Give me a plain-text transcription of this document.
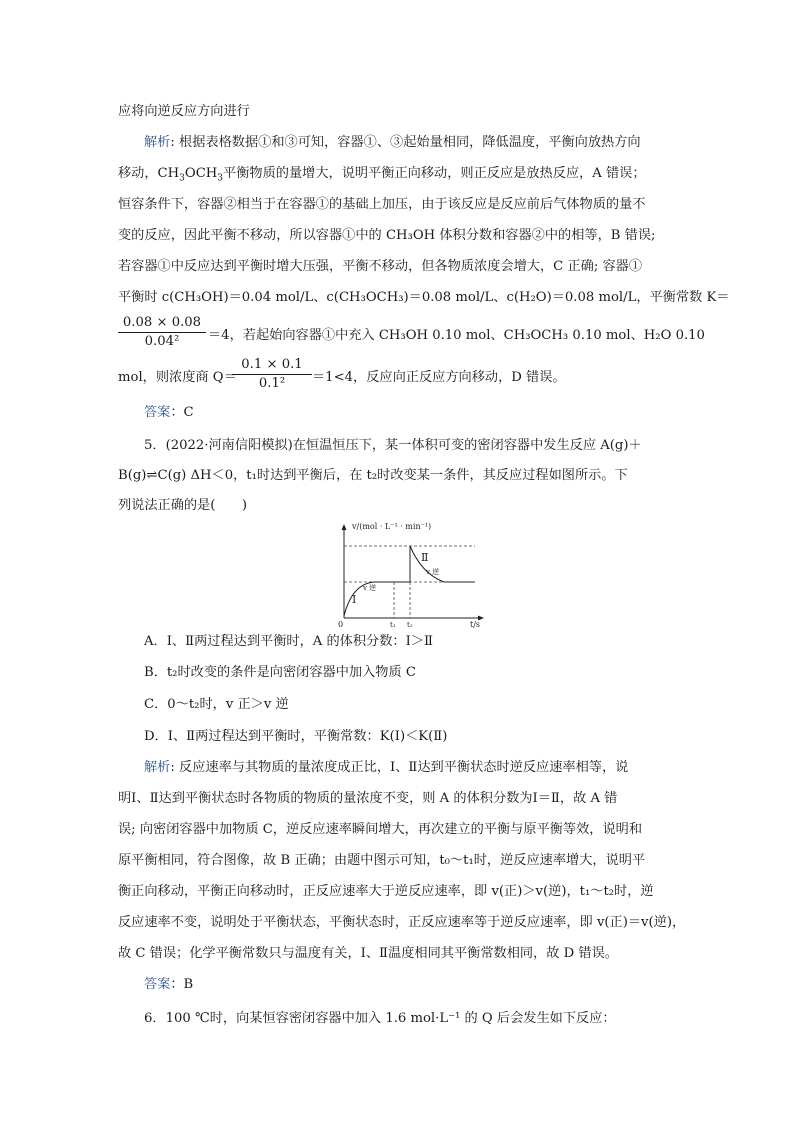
应将向逆反应方向进行
解析: 根据表格数据①和③可知，容器①、③起始量相同，降低温度，平衡向放热方向
移动，$CH_3OCH_3$平衡物质的量增大，说明平衡正向移动，则正反应是放热反应，A 错误；
恒容条件下，容器②相当于在容器①的基础上加压，由于该反应是反应前后气体物质的量不
变的反应，因此平衡不移动，所以容器①中的 CH₃OH 体积分数和容器②中的相等，B 错误;
若容器①中反应达到平衡时增大压强，平衡不移动，但各物质浓度会增大，C 正确; 容器①
平衡时 c(CH₃OH)＝0.04 mol/L、c(CH₃OCH₃)＝0.08 mol/L、c(H₂O)＝0.08 mol/L，平衡常数 K＝
$\frac{0.08 \times 0.08}{\text{0.04²}} =4$，若起始向容器①中充入 CH₃OH 0.10 mol、CH₃OCH₃ 0.10 mol、H₂O 0.10
mol，则浓度商 Q＝
$\frac{0.1 \times 0.1}{\text{0.1²}} =1<4$，反应向正反应方向移动，D 错误。
答案：C
5．(2022·河南信阳模拟)在恒温恒压下，某一体积可变的密闭容器中发生反应 A(g)＋
B(g)⇌C(g) ΔH＜0，t₁时达到平衡后，在 t₂时改变某一条件，其反应过程如图所示。下
列说法正确的是(　　)
v/(mol · L⁻¹ · min⁻¹)
Ⅰ
v 逆
Ⅱ
v 逆
0	t₁ t₂	t/s
A．Ⅰ、Ⅱ两过程达到平衡时，A 的体积分数：Ⅰ＞Ⅱ
B．t₂时改变的条件是向密闭容器中加入物质 C
C．0～t₂时，v 正＞v 逆
D．Ⅰ、Ⅱ两过程达到平衡时，平衡常数：K(Ⅰ)＜K(Ⅱ)
解析: 反应速率与其物质的量浓度成正比，Ⅰ、Ⅱ达到平衡状态时逆反应速率相等，说
明Ⅰ、Ⅱ达到平衡状态时各物质的物质的量浓度不变，则 A 的体积分数为Ⅰ＝Ⅱ，故 A 错
误; 向密闭容器中加物质 C，逆反应速率瞬间增大，再次建立的平衡与原平衡等效，说明和
原平衡相同，符合图像，故 B 正确；由题中图示可知，t₀～t₁时，逆反应速率增大，说明平
衡正向移动，平衡正向移动时，正反应速率大于逆反应速率，即 v(正)＞v(逆)，t₁～t₂时，逆
反应速率不变，说明处于平衡状态，平衡状态时，正反应速率等于逆反应速率，即 v(正)＝v(逆)，
故 C 错误；化学平衡常数只与温度有关，Ⅰ、Ⅱ温度相同其平衡常数相同，故 D 错误。
答案：B
6．100 ℃时，向某恒容密闭容器中加入 1.6 mol·L⁻¹ 的 Q 后会发生如下反应：
